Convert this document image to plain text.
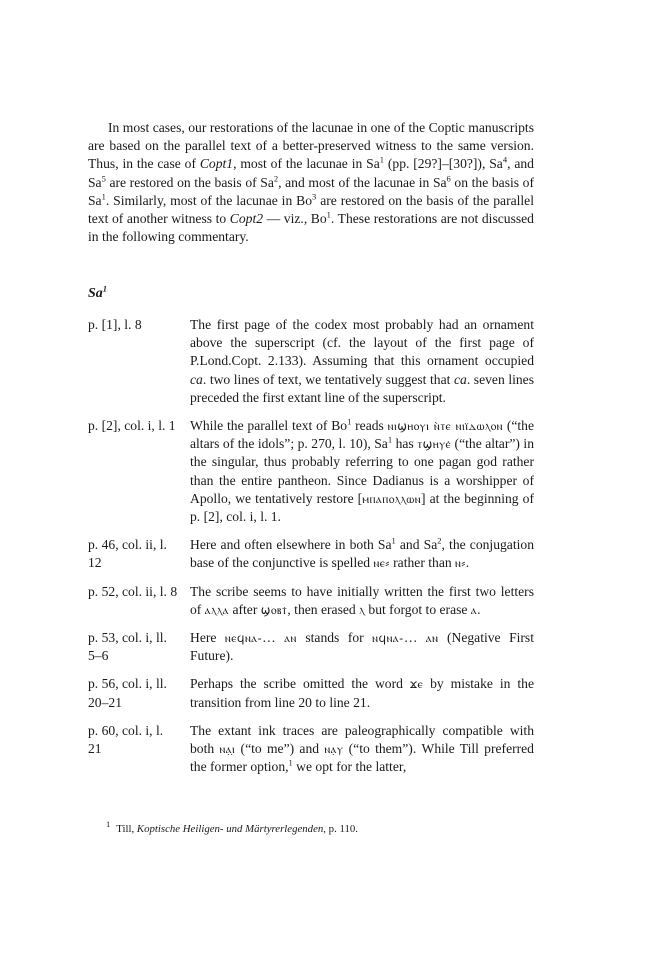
In most cases, our restorations of the lacunae in one of the Coptic manuscripts are based on the parallel text of a better-preserved witness to the same version. Thus, in the case of Copt1, most of the lacunae in Sa$^1$ (pp. [29?]–[30?]), Sa$^4$, and Sa$^5$ are restored on the basis of Sa$^2$, and most of the lacunae in Sa$^6$ on the basis of Sa$^1$. Similarly, most of the lacunae in Bo$^3$ are restored on the basis of the parallel text of another witness to Copt2 — viz., Bo$^1$. These restorations are not discussed in the following commentary.

Sa$^1$
p. [1], l. 8	The first page of the codex most probably had an ornament above the superscript (cf. the layout of the first page of P.Lond.Copt. 2.133). Assuming that this ornament occupied ca. two lines of text, we tentatively suggest that ca. seven lines preceded the first extant line of the superscript.
p. [2], col. i, l. 1	While the parallel text of Bo$^1$ reads ⲛⲓϣⲏⲟⲩⲓ ⲛ̀ⲧⲉ ⲛⲓⲓ̈ⲇⲱⲗⲟⲛ (“the altars of the idols”; p. 270, l. 10), Sa$^1$ has ⲧϣⲏⲩⲉ̇ (“the altar”) in the singular, thus probably referring to one pagan god rather than the entire pantheon. Since Dadianus is a worshipper of Apollo, we tentatively restore [ⲙⲡⲁⲡⲟⲗⲗⲱⲛ] at the beginning of p. [2], col. i, l. 1.
p. 46, col. ii, l. 12
Here and often elsewhere in both Sa$^1$ and Sa$^2$, the conjugation base of the conjunctive is spelled ⲛⲉ⸗ rather than ⲛ⸗.
p. 52, col. ii, l. 8 The scribe seems to have initially written the first two letters of ⲁⲗⲗⲁ after ϣⲟⲃⲧ̇, then erased ⲗ but forgot to erase ⲁ.
p. 53, col. i, ll. 5–6
Here ⲛⲉϥⲛⲁ-… ⲁⲛ stands for ⲛϥⲛⲁ-… ⲁⲛ (Negative First Future).
p. 56, col. i, ll. 20–21
Perhaps the scribe omitted the word ϫⲉ by mistake in the transition from line 20 to line 21.
p. 60, col. i, l. 21
The extant ink traces are paleographically compatible with both ⲛⲁ̣ⲓ̣ (“to me”) and ⲛⲁ̣ⲩ (“to them”). While Till preferred the former option,$^1$ we opt for the latter,
$^1$ Till, Koptische Heiligen- und Märtyrerlegenden, p. 110.
